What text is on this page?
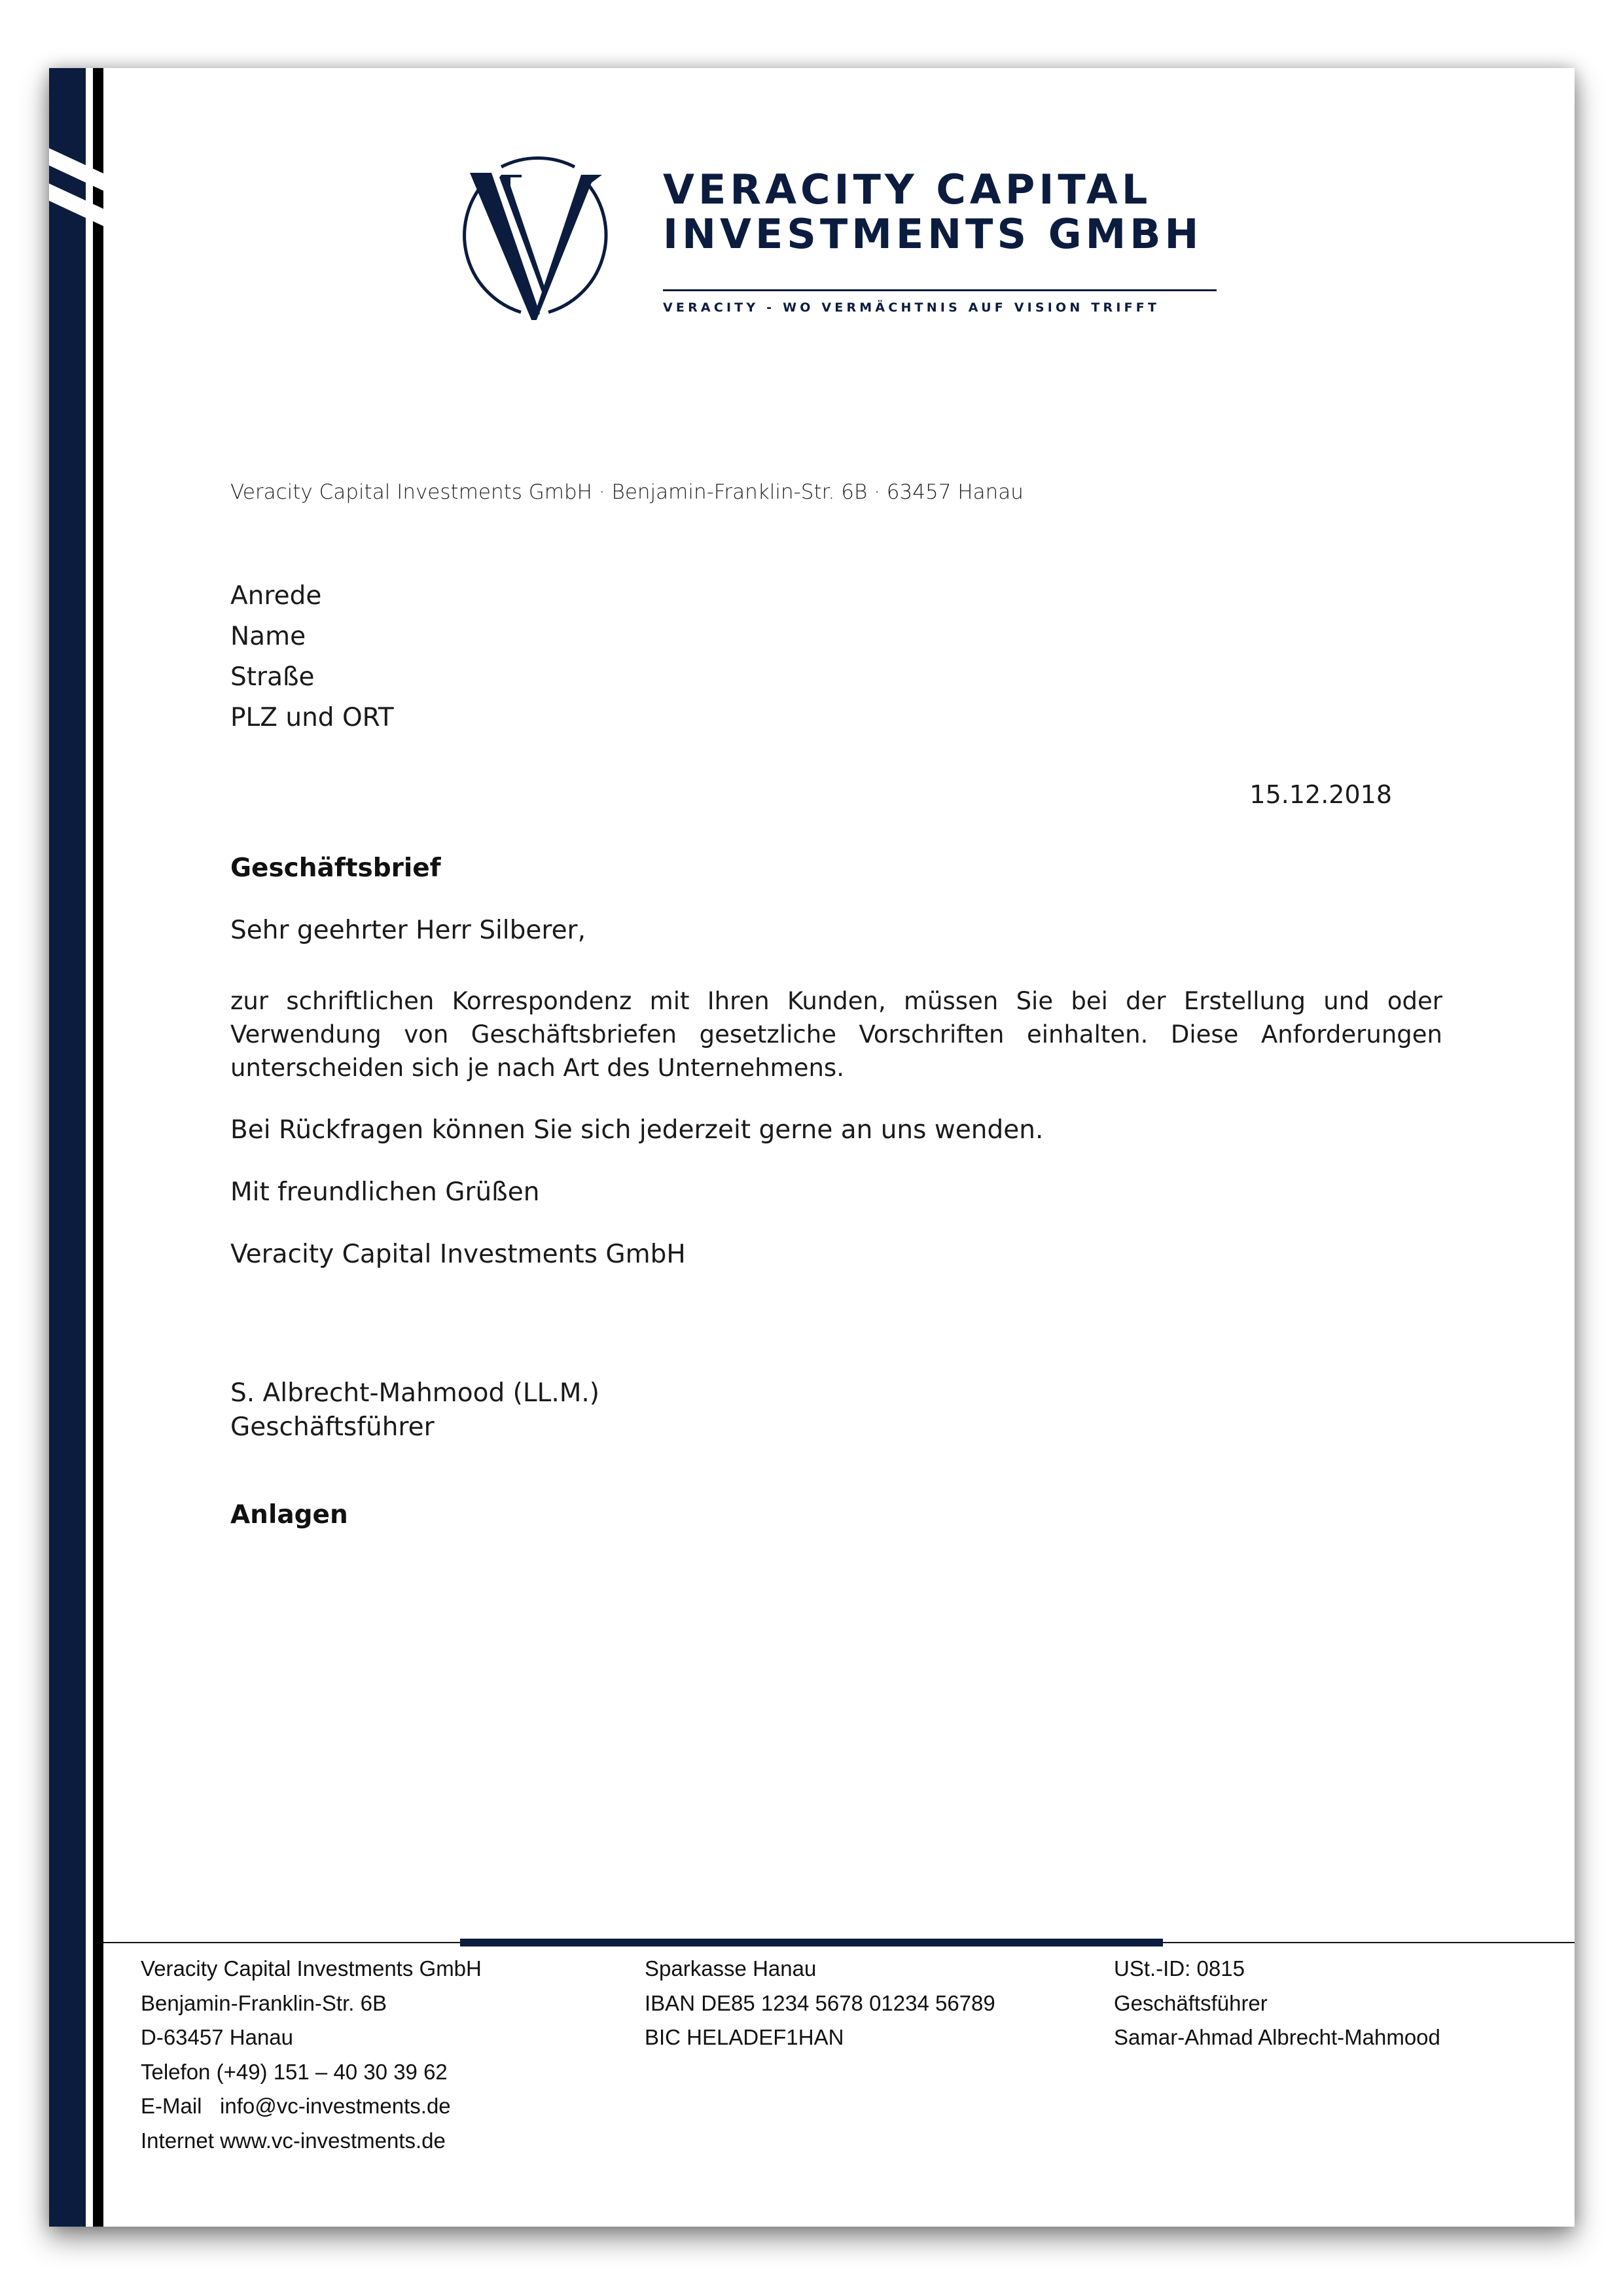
VERACITY CAPITAL
INVESTMENTS GMBH
VERACITY - WO VERMÄCHTNIS AUF VISION TRIFFT
Veracity Capital Investments GmbH · Benjamin-Franklin-Str. 6B · 63457 Hanau
Anrede
Name
Straße
PLZ und ORT
15.12.2018
Geschäftsbrief
Sehr geehrter Herr Silberer,
zur schriftlichen Korrespondenz mit Ihren Kunden, müssen Sie bei der Erstellung und oder Verwendung von Geschäftsbriefen gesetzliche Vorschriften einhalten. Diese Anforderungen unterscheiden sich je nach Art des Unternehmens.
Bei Rückfragen können Sie sich jederzeit gerne an uns wenden.
Mit freundlichen Grüßen
Veracity Capital Investments GmbH
S. Albrecht-Mahmood (LL.M.)
Geschäftsführer
Anlagen
Veracity Capital Investments GmbH
Benjamin-Franklin-Str. 6B
D-63457 Hanau
Telefon (+49) 151 – 40 30 39 62
E-Mail   info@vc-investments.de
Internet www.vc-investments.de
Sparkasse Hanau
IBAN DE85 1234 5678 01234 56789
BIC HELADEF1HAN
USt.-ID: 0815
Geschäftsführer
Samar-Ahmad Albrecht-Mahmood
